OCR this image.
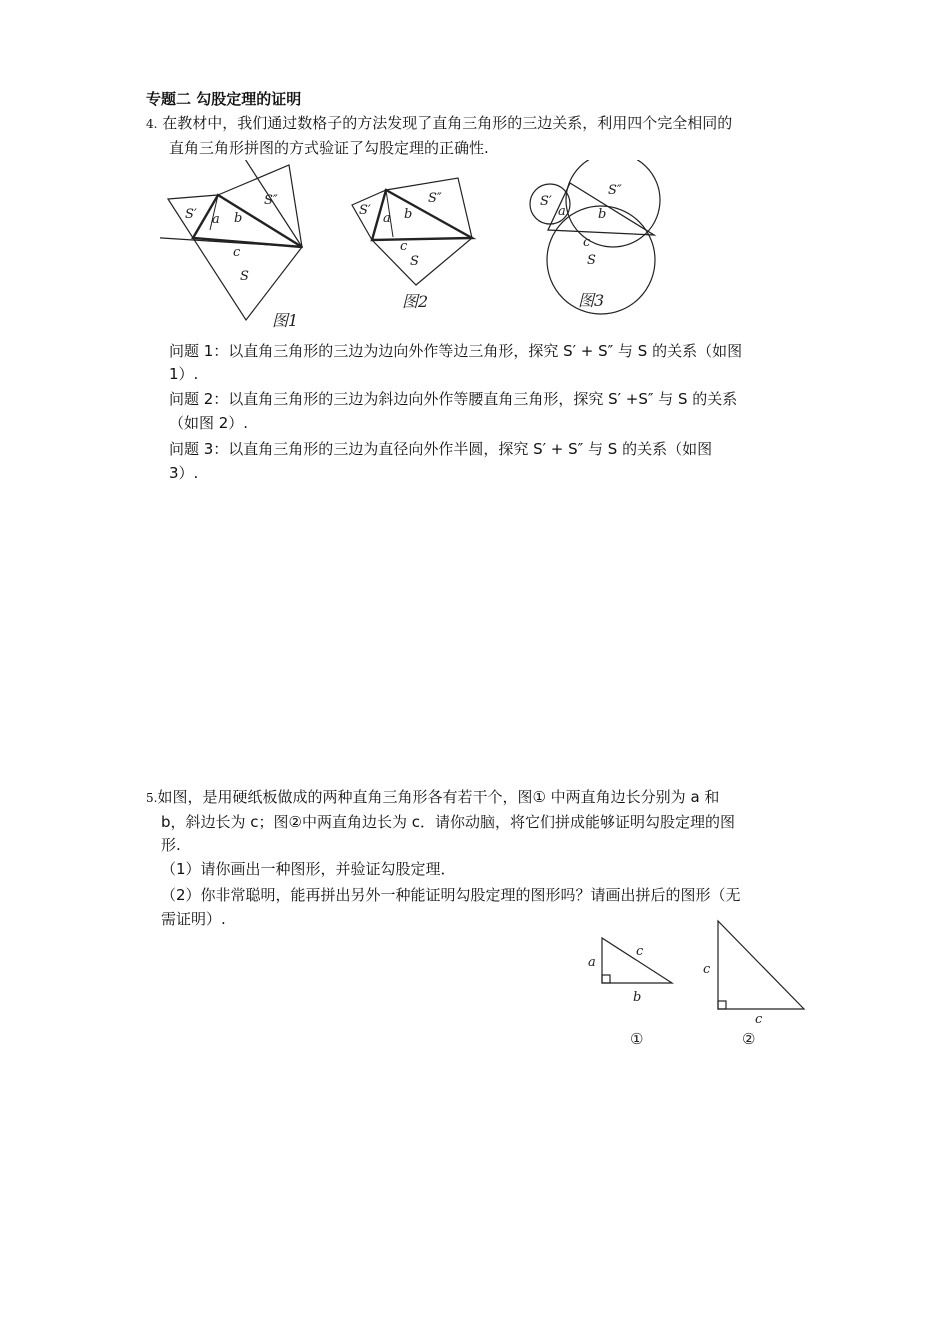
专题二 勾股定理的证明
4. 在教材中，我们通过数格子的方法发现了直角三角形的三边关系，利用四个完全相同的
直角三角形拼图的方式验证了勾股定理的正确性.
S′
S″
a b
c
S
图1
S′
S″
a b
c
S
图2
S′
S″
a b
c
S
图3
问题 1：以直角三角形的三边为边向外作等边三角形，探究 S′ + S″ 与 S 的关系（如图
1）.
问题 2：以直角三角形的三边为斜边向外作等腰直角三角形，探究 S′ +S″ 与 S 的关系
（如图 2）.
问题 3：以直角三角形的三边为直径向外作半圆，探究 S′ + S″ 与 S 的关系（如图
3）.
5.如图，是用硬纸板做成的两种直角三角形各有若干个，图① 中两直角边长分别为 a 和
b，斜边长为 c；图②中两直角边长为 c．请你动脑，将它们拼成能够证明勾股定理的图
形.
（1）请你画出一种图形，并验证勾股定理．
（2）你非常聪明，能再拼出另外一种能证明勾股定理的图形吗？请画出拼后的图形（无
需证明）.
a
c
b
c
c
①	②
